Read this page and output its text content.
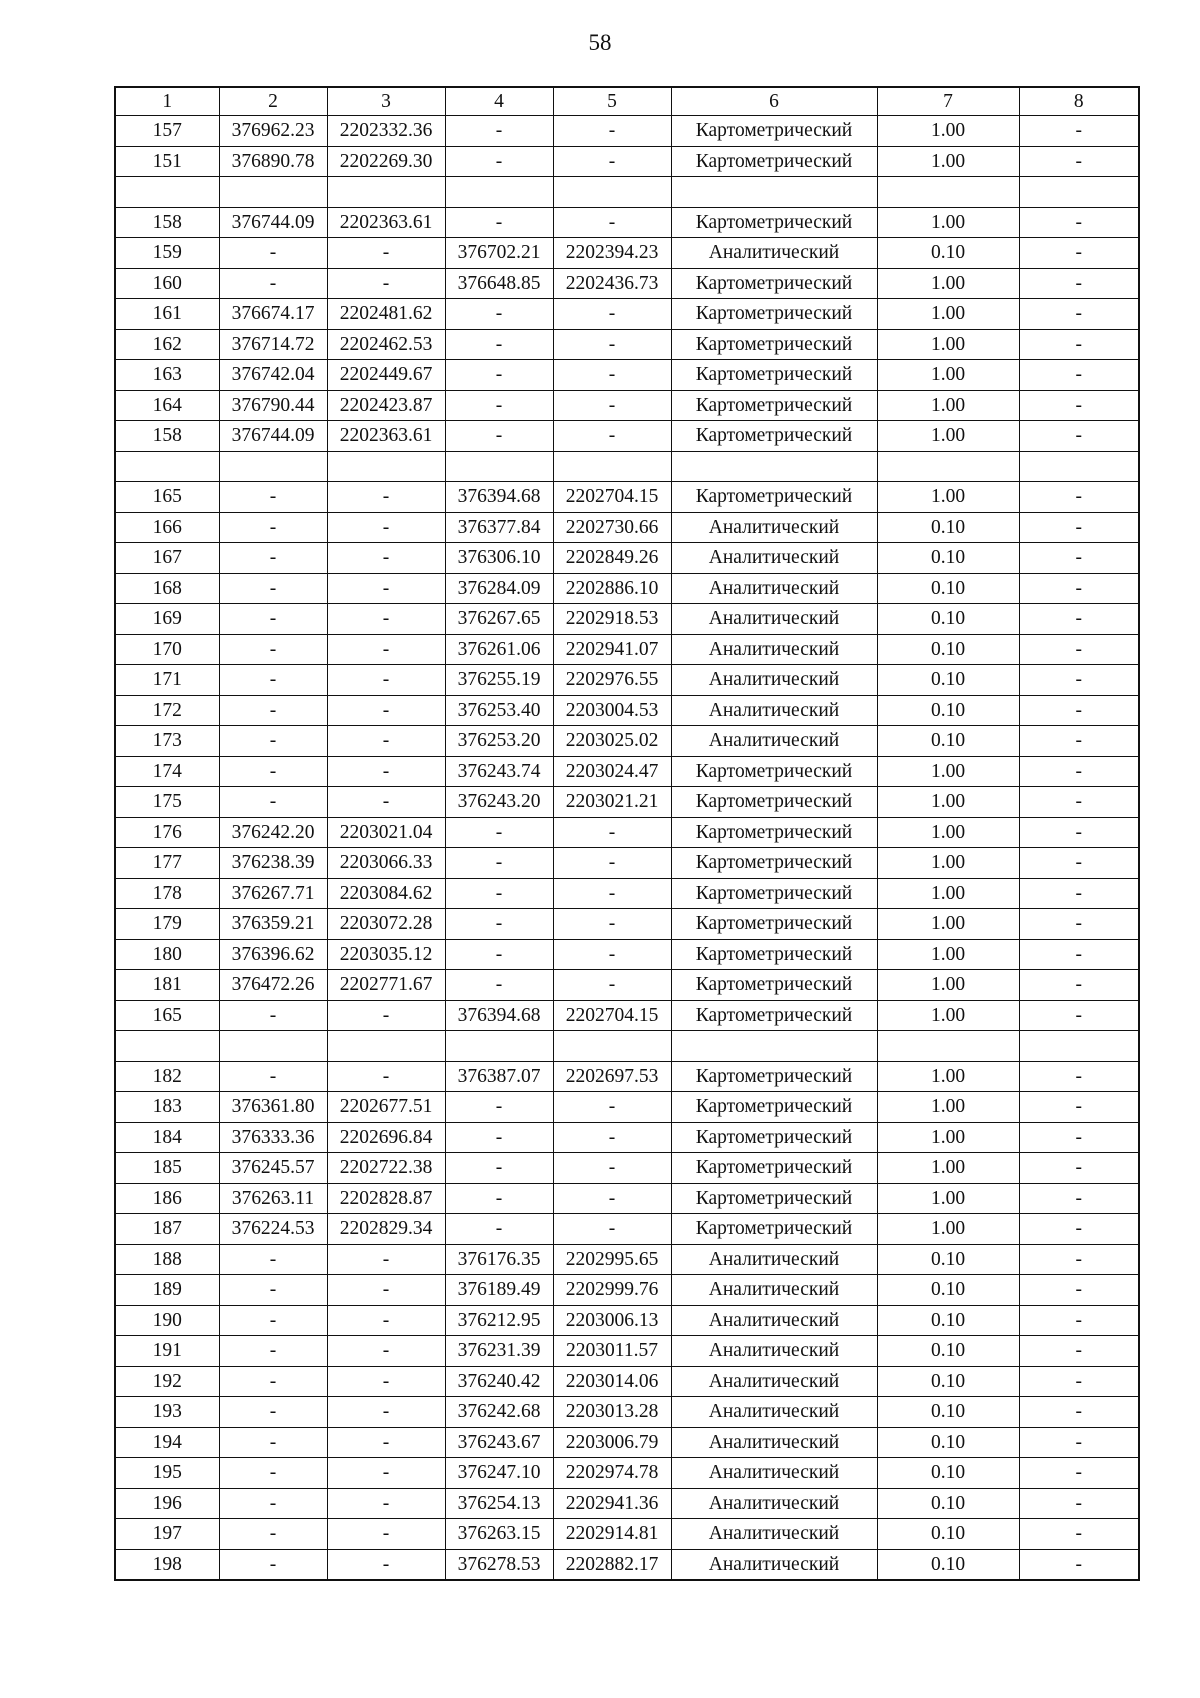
58
1	2	3	4	5	6	7	8
157	376962.23	2202332.36	-	-	Картометрический	1.00	-
151	376890.78	2202269.30	-	-	Картометрический	1.00	-

158	376744.09	2202363.61	-	-	Картометрический	1.00	-
159	-	-	376702.21	2202394.23	Аналитический	0.10	-
160	-	-	376648.85	2202436.73	Картометрический	1.00	-
161	376674.17	2202481.62	-	-	Картометрический	1.00	-
162	376714.72	2202462.53	-	-	Картометрический	1.00	-
163	376742.04	2202449.67	-	-	Картометрический	1.00	-
164	376790.44	2202423.87	-	-	Картометрический	1.00	-
158	376744.09	2202363.61	-	-	Картометрический	1.00	-

165	-	-	376394.68	2202704.15	Картометрический	1.00	-
166	-	-	376377.84	2202730.66	Аналитический	0.10	-
167	-	-	376306.10	2202849.26	Аналитический	0.10	-
168	-	-	376284.09	2202886.10	Аналитический	0.10	-
169	-	-	376267.65	2202918.53	Аналитический	0.10	-
170	-	-	376261.06	2202941.07	Аналитический	0.10	-
171	-	-	376255.19	2202976.55	Аналитический	0.10	-
172	-	-	376253.40	2203004.53	Аналитический	0.10	-
173	-	-	376253.20	2203025.02	Аналитический	0.10	-
174	-	-	376243.74	2203024.47	Картометрический	1.00	-
175	-	-	376243.20	2203021.21	Картометрический	1.00	-
176	376242.20	2203021.04	-	-	Картометрический	1.00	-
177	376238.39	2203066.33	-	-	Картометрический	1.00	-
178	376267.71	2203084.62	-	-	Картометрический	1.00	-
179	376359.21	2203072.28	-	-	Картометрический	1.00	-
180	376396.62	2203035.12	-	-	Картометрический	1.00	-
181	376472.26	2202771.67	-	-	Картометрический	1.00	-
165	-	-	376394.68	2202704.15	Картометрический	1.00	-

182	-	-	376387.07	2202697.53	Картометрический	1.00	-
183	376361.80	2202677.51	-	-	Картометрический	1.00	-
184	376333.36	2202696.84	-	-	Картометрический	1.00	-
185	376245.57	2202722.38	-	-	Картометрический	1.00	-
186	376263.11	2202828.87	-	-	Картометрический	1.00	-
187	376224.53	2202829.34	-	-	Картометрический	1.00	-
188	-	-	376176.35	2202995.65	Аналитический	0.10	-
189	-	-	376189.49	2202999.76	Аналитический	0.10	-
190	-	-	376212.95	2203006.13	Аналитический	0.10	-
191	-	-	376231.39	2203011.57	Аналитический	0.10	-
192	-	-	376240.42	2203014.06	Аналитический	0.10	-
193	-	-	376242.68	2203013.28	Аналитический	0.10	-
194	-	-	376243.67	2203006.79	Аналитический	0.10	-
195	-	-	376247.10	2202974.78	Аналитический	0.10	-
196	-	-	376254.13	2202941.36	Аналитический	0.10	-
197	-	-	376263.15	2202914.81	Аналитический	0.10	-
198	-	-	376278.53	2202882.17	Аналитический	0.10	-
